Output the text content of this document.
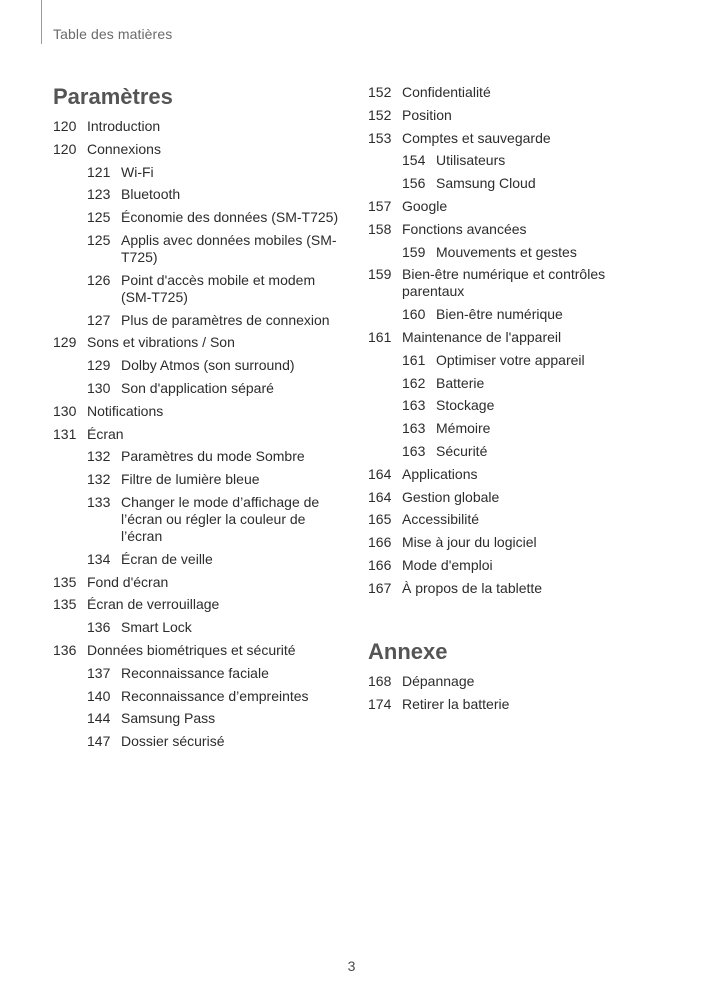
Table des matières
Paramètres
120 Introduction
120 Connexions
121 Wi-Fi
123 Bluetooth
125 Économie des données (SM-T725)
125 Applis avec données mobiles (SM-T725)
126 Point d'accès mobile et modem (SM-T725)
127 Plus de paramètres de connexion
129 Sons et vibrations / Son
129 Dolby Atmos (son surround)
130 Son d'application séparé
130 Notifications
131 Écran
132 Paramètres du mode Sombre
132 Filtre de lumière bleue
133 Changer le mode d’affichage de l’écran ou régler la couleur de l’écran
134 Écran de veille
135 Fond d'écran
135 Écran de verrouillage
136 Smart Lock
136 Données biométriques et sécurité
137 Reconnaissance faciale
140 Reconnaissance d’empreintes
144 Samsung Pass
147 Dossier sécurisé
152 Confidentialité
152 Position
153 Comptes et sauvegarde
154 Utilisateurs
156 Samsung Cloud
157 Google
158 Fonctions avancées
159 Mouvements et gestes
159 Bien-être numérique et contrôles parentaux
160 Bien-être numérique
161 Maintenance de l'appareil
161 Optimiser votre appareil
162 Batterie
163 Stockage
163 Mémoire
163 Sécurité
164 Applications
164 Gestion globale
165 Accessibilité
166 Mise à jour du logiciel
166 Mode d'emploi
167 À propos de la tablette
Annexe
168 Dépannage
174 Retirer la batterie
3
